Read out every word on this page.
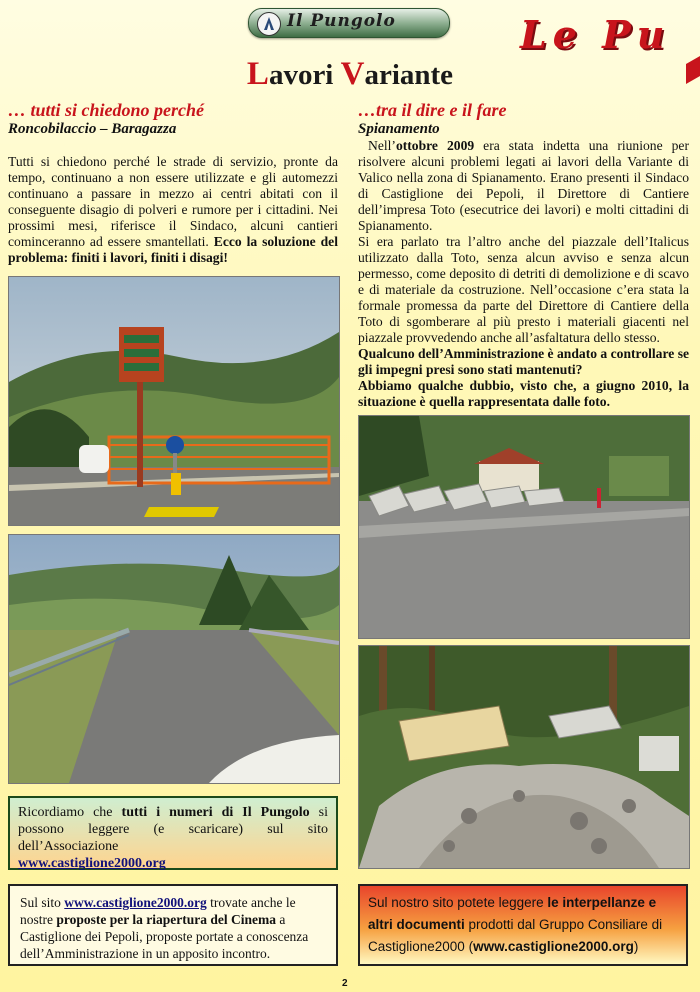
Il Pungolo	Le Pu
Lavori Variante
… tutti si chiedono perché
Roncobilaccio – Baragazza

Tutti si chiedono perché le strade di servizio, pronte da tempo, continuano a non essere utilizzate e gli automezzi continuano a passare in mezzo ai centri abitati con il conseguente disagio di polveri e rumore per i cittadini. Nei prossimi mesi, riferisce il Sindaco, alcuni cantieri cominceranno ad essere smantellati. Ecco la soluzione del problema: finiti i lavori, finiti i disagi!

…tra il dire e il fare
Spianamento

Nell’ottobre 2009 era stata indetta una riunione per risolvere alcuni problemi legati ai lavori della Variante di Valico nella zona di Spianamento. Erano presenti il Sindaco di Castiglione dei Pepoli, il Direttore di Cantiere dell’impresa Toto (esecutrice dei lavori) e molti cittadini di Spianamento.

Si era parlato tra l’altro anche del piazzale dell’Italicus utilizzato dalla Toto, senza alcun avviso e senza alcun permesso, come deposito di detriti di demolizione e di scavo e di materiale da costruzione. Nell’occasione c’era stata la formale promessa da parte del Direttore di Cantiere della Toto di sgomberare al più presto i materiali giacenti nel piazzale provvedendo anche all’asfaltatura dello stesso.

Qualcuno dell’Amministrazione è andato a controllare se gli impegni presi sono stati mantenuti?

Abbiamo qualche dubbio, visto che, a giugno 2010, la situazione è quella rappresentata dalle foto.

Ricordiamo che tutti i numeri di Il Pungolo si possono leggere (e scaricare) sul sito dell’Associazione
www.castiglione2000.org
Sul sito www.castiglione2000.org trovate anche le nostre proposte per la riapertura del Cinema a Castiglione dei Pepoli, proposte portate a conoscenza dell’Amministrazione in un apposito incontro.
Sul nostro sito potete leggere le interpellanze e altri documenti prodotti dal Gruppo Consiliare di Castiglione2000 (www.castiglione2000.org)
2
